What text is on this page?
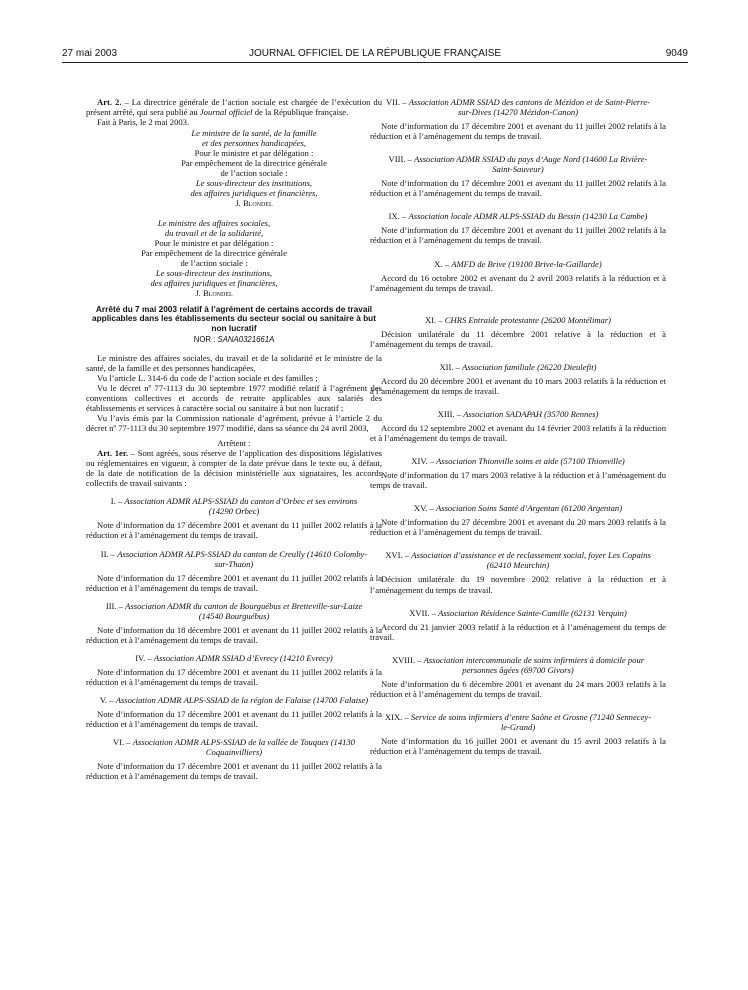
27 mai 2003	JOURNAL OFFICIEL DE LA RÉPUBLIQUE FRANÇAISE	9049

Art. 2. – La directrice générale de l’action sociale est chargée de l’exécution du présent arrêté, qui sera publié au Journal officiel de la République française.

Fait à Paris, le 2 mai 2003.

Le ministre de la santé, de la famille

et des personnes handicapées,

Pour le ministre et par délégation :

Par empêchement de la directrice générale

de l’action sociale :

Le sous-directeur des institutions,

des affaires juridiques et financières,

J. Blondel

Le ministre des affaires sociales,

du travail et de la solidarité,

Pour le ministre et par délégation :

Par empêchement de la directrice générale

de l’action sociale :

Le sous-directeur des institutions,

des affaires juridiques et financières,

J. Blondel

Arrêté du 7 mai 2003 relatif à l’agrément de certains accords de travail applicables dans les établissements du secteur social ou sanitaire à but non lucratif
NOR : SANA0321661A

Le ministre des affaires sociales, du travail et de la solidarité et le ministre de la santé, de la famille et des personnes handicapées,

Vu l’article L. 314-6 du code de l’action sociale et des familles ;

Vu le décret nº 77-1113 du 30 septembre 1977 modifié relatif à l’agrément des conventions collectives et accords de retraite applicables aux salariés des établissements et services à caractère social ou sanitaire à but non lucratif ;

Vu l’avis émis par la Commission nationale d’agrément, prévue à l’article 2 du décret nº 77-1113 du 30 septembre 1977 modifié, dans sa séance du 24 avril 2003,

Arrêtent :

Art. 1er. – Sont agréés, sous réserve de l’application des dispositions législatives ou réglementaires en vigueur, à compter de la date prévue dans le texte ou, à défaut, de la date de notification de la décision ministérielle aux signataires, les accords collectifs de travail suivants :

I. – Association ADMR ALPS-SSIAD du canton d’Orbec et ses environs (14290 Orbec)

Note d’information du 17 décembre 2001 et avenant du 11 juillet 2002 relatifs à la réduction et à l’aménagement du temps de travail.

II. – Association ADMR ALPS-SSIAD du canton de Creully (14610 Colomby-sur-Thaon)

Note d’information du 17 décembre 2001 et avenant du 11 juillet 2002 relatifs à la réduction et à l’aménagement du temps de travail.

III. – Association ADMR du canton de Bourguébus et Bretteville-sur-Laize (14540 Bourguébus)

Note d’information du 18 décembre 2001 et avenant du 11 juillet 2002 relatifs à la réduction et à l’aménagement du temps de travail.

IV. – Association ADMR SSIAD d’Evrecy (14210 Evrecy)

Note d’information du 17 décembre 2001 et avenant du 11 juillet 2002 relatifs à la réduction et à l’aménagement du temps de travail.

V. – Association ADMR ALPS-SSIAD de la région de Falaise (14700 Falaise)

Note d’information du 17 décembre 2001 et avenant du 11 juillet 2002 relatifs à la réduction et à l’aménagement du temps de travail.

VI. – Association ADMR ALPS-SSIAD de la vallée de Touques (14130 Coquainvilliers)

Note d’information du 17 décembre 2001 et avenant du 11 juillet 2002 relatifs à la réduction et à l’aménagement du temps de travail.

VII. – Association ADMR SSIAD des cantons de Mézidon et de Saint-Pierre-sur-Dives (14270 Mézidon-Canon)

Note d’information du 17 décembre 2001 et avenant du 11 juillet 2002 relatifs à la réduction et à l’aménagement du temps de travail.

VIII. – Association ADMR SSIAD du pays d’Auge Nord (14600 La Rivière-Saint-Sauveur)

Note d’information du 17 décembre 2001 et avenant du 11 juillet 2002 relatifs à la réduction et à l’aménagement du temps de travail.

IX. – Association locale ADMR ALPS-SSIAD du Bessin (14230 La Cambe)

Note d’information du 17 décembre 2001 et avenant du 11 juillet 2002 relatifs à la réduction et à l’aménagement du temps de travail.

X. – AMFD de Brive (19100 Brive-la-Gaillarde)

Accord du 16 octobre 2002 et avenant du 2 avril 2003 relatifs à la réduction et à l’aménagement du temps de travail.

XI. – CHRS Entraide protestante (26200 Montélimar)

Décision unilatérale du 11 décembre 2001 relative à la réduction et à l’aménagement du temps de travail.

XII. – Association familiale (26220 Dieulefit)

Accord du 20 décembre 2001 et avenant du 10 mars 2003 relatifs à la réduction et à l’aménagement du temps de travail.

XIII. – Association SADAPAH (35700 Rennes)

Accord du 12 septembre 2002 et avenant du 14 février 2003 relatifs à la réduction et à l’aménagement du temps de travail.

XIV. – Association Thionville soins et aide (57100 Thionville)

Note d’information du 17 mars 2003 relative à la réduction et à l’aménagement du temps de travail.

XV. – Association Soins Santé d’Argentan (61200 Argentan)

Note d’information du 27 décembre 2001 et avenant du 20 mars 2003 relatifs à la réduction et à l’aménagement du temps de travail.

XVI. – Association d’assistance et de reclassement social, foyer Les Copains (62410 Meurchin)

Décision unilatérale du 19 novembre 2002 relative à la réduction et à l’aménagement du temps de travail.

XVII. – Association Résidence Sainte-Camille (62131 Verquin)

Accord du 21 janvier 2003 relatif à la réduction et à l’aménagement du temps de travail.

XVIII. – Association intercommunale de soins infirmiers à domicile pour personnes âgées (69700 Givors)

Note d’information du 6 décembre 2001 et avenant du 24 mars 2003 relatifs à la réduction et à l’aménagement du temps de travail.

XIX. – Service de soins infirmiers d’entre Saône et Grosne (71240 Sennecey-le-Grand)

Note d’information du 16 juillet 2001 et avenant du 15 avril 2003 relatifs à la réduction et à l’aménagement du temps de travail.
